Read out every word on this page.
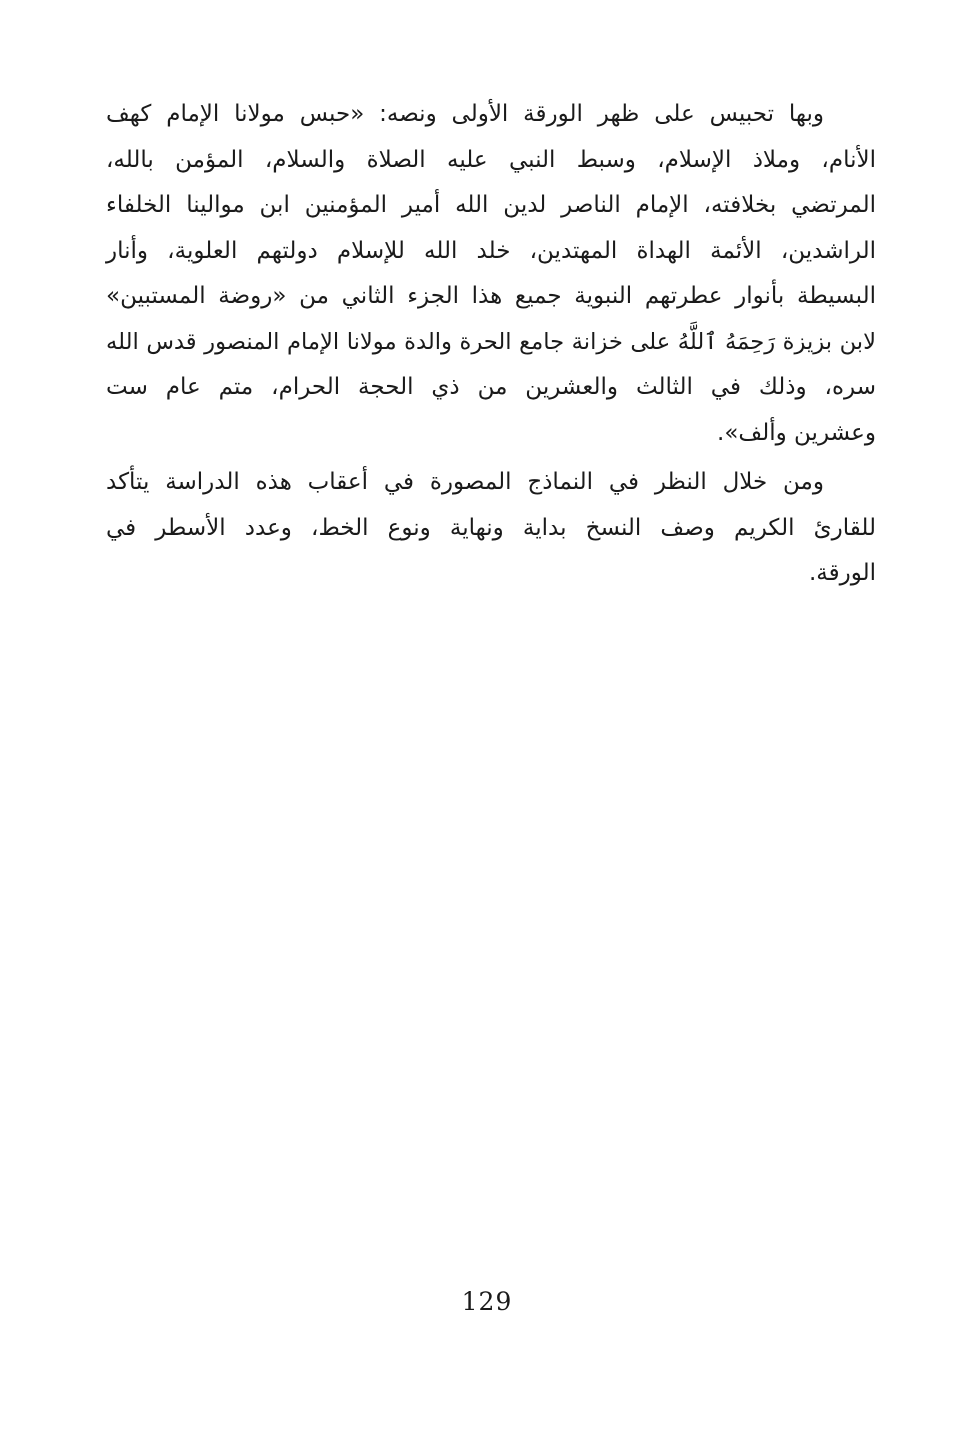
وبها تحبيس على ظهر الورقة الأولى ونصه: «حبس مولانا الإمام كهف
الأنام، وملاذ الإسلام، وسبط النبي عليه الصلاة والسلام، المؤمن بالله،
المرتضي بخلافته، الإمام الناصر لدين الله أمير المؤمنين ابن موالينا الخلفاء
الراشدين، الأئمة الهداة المهتدين، خلد الله للإسلام دولتهم العلوية، وأنار
البسيطة بأنوار عطرتهم النبوية جميع هذا الجزء الثاني من «روضة المستبين»
لابن بزيزة رَحِمَهُ ٱللَّهُ على خزانة جامع الحرة والدة مولانا الإمام المنصور قدس الله
سره، وذلك في الثالث والعشرين من ذي الحجة الحرام، متم عام ست
وعشرين وألف».
ومن خلال النظر في النماذج المصورة في أعقاب هذه الدراسة يتأكد
للقارئ الكريم وصف النسخ بداية ونهاية ونوع الخط، وعدد الأسطر في
الورقة.
129
